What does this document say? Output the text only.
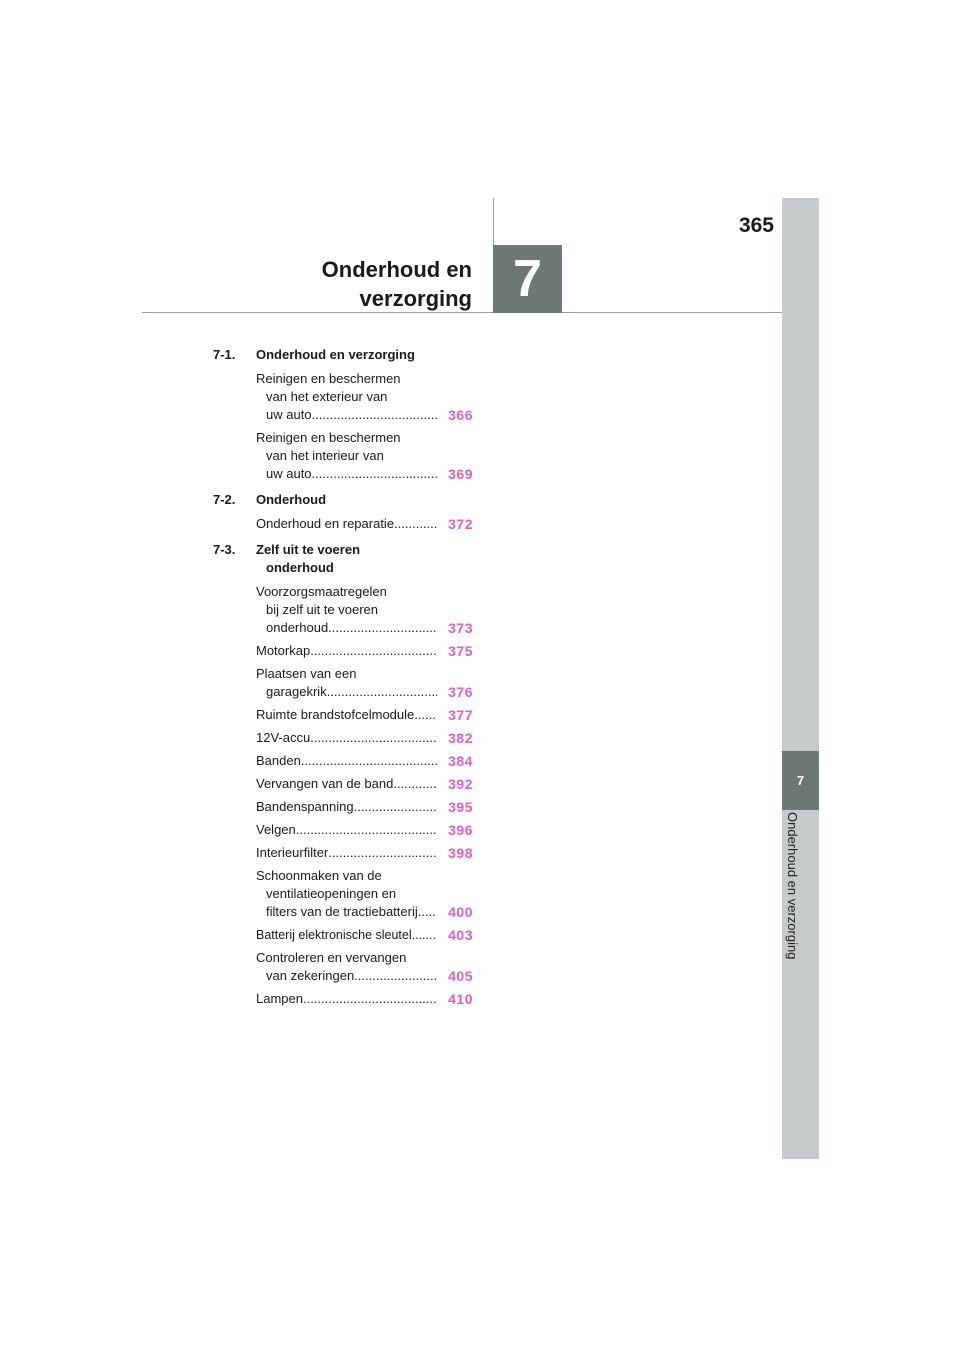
365
7
Onderhoud en verzorging
7
Onderhoud en
verzorging
7-1.	Onderhoud en verzorging
Reinigen en beschermen
van het exterieur van
uw auto .....	366
Reinigen en beschermen
van het interieur van
uw auto .....	369
7-2.	Onderhoud
Onderhoud en reparatie .....	372
7-3.	Zelf uit te voeren
onderhoud
Voorzorgsmaatregelen
bij zelf uit te voeren
onderhoud .....	373
Motorkap .....	375
Plaatsen van een
garagekrik .....	376
Ruimte brandstofcelmodule ..... 377
12V-accu .....	382
Banden .....	384
Vervangen van de band .....	392
Bandenspanning .....	395
Velgen .....	396
Interieurfilter .....	398
Schoonmaken van de
ventilatieopeningen en
filters van de tractiebatterij ..... 400
Batterij elektronische sleutel .....	403
Controleren en vervangen
van zekeringen .....	405
Lampen .....	410
